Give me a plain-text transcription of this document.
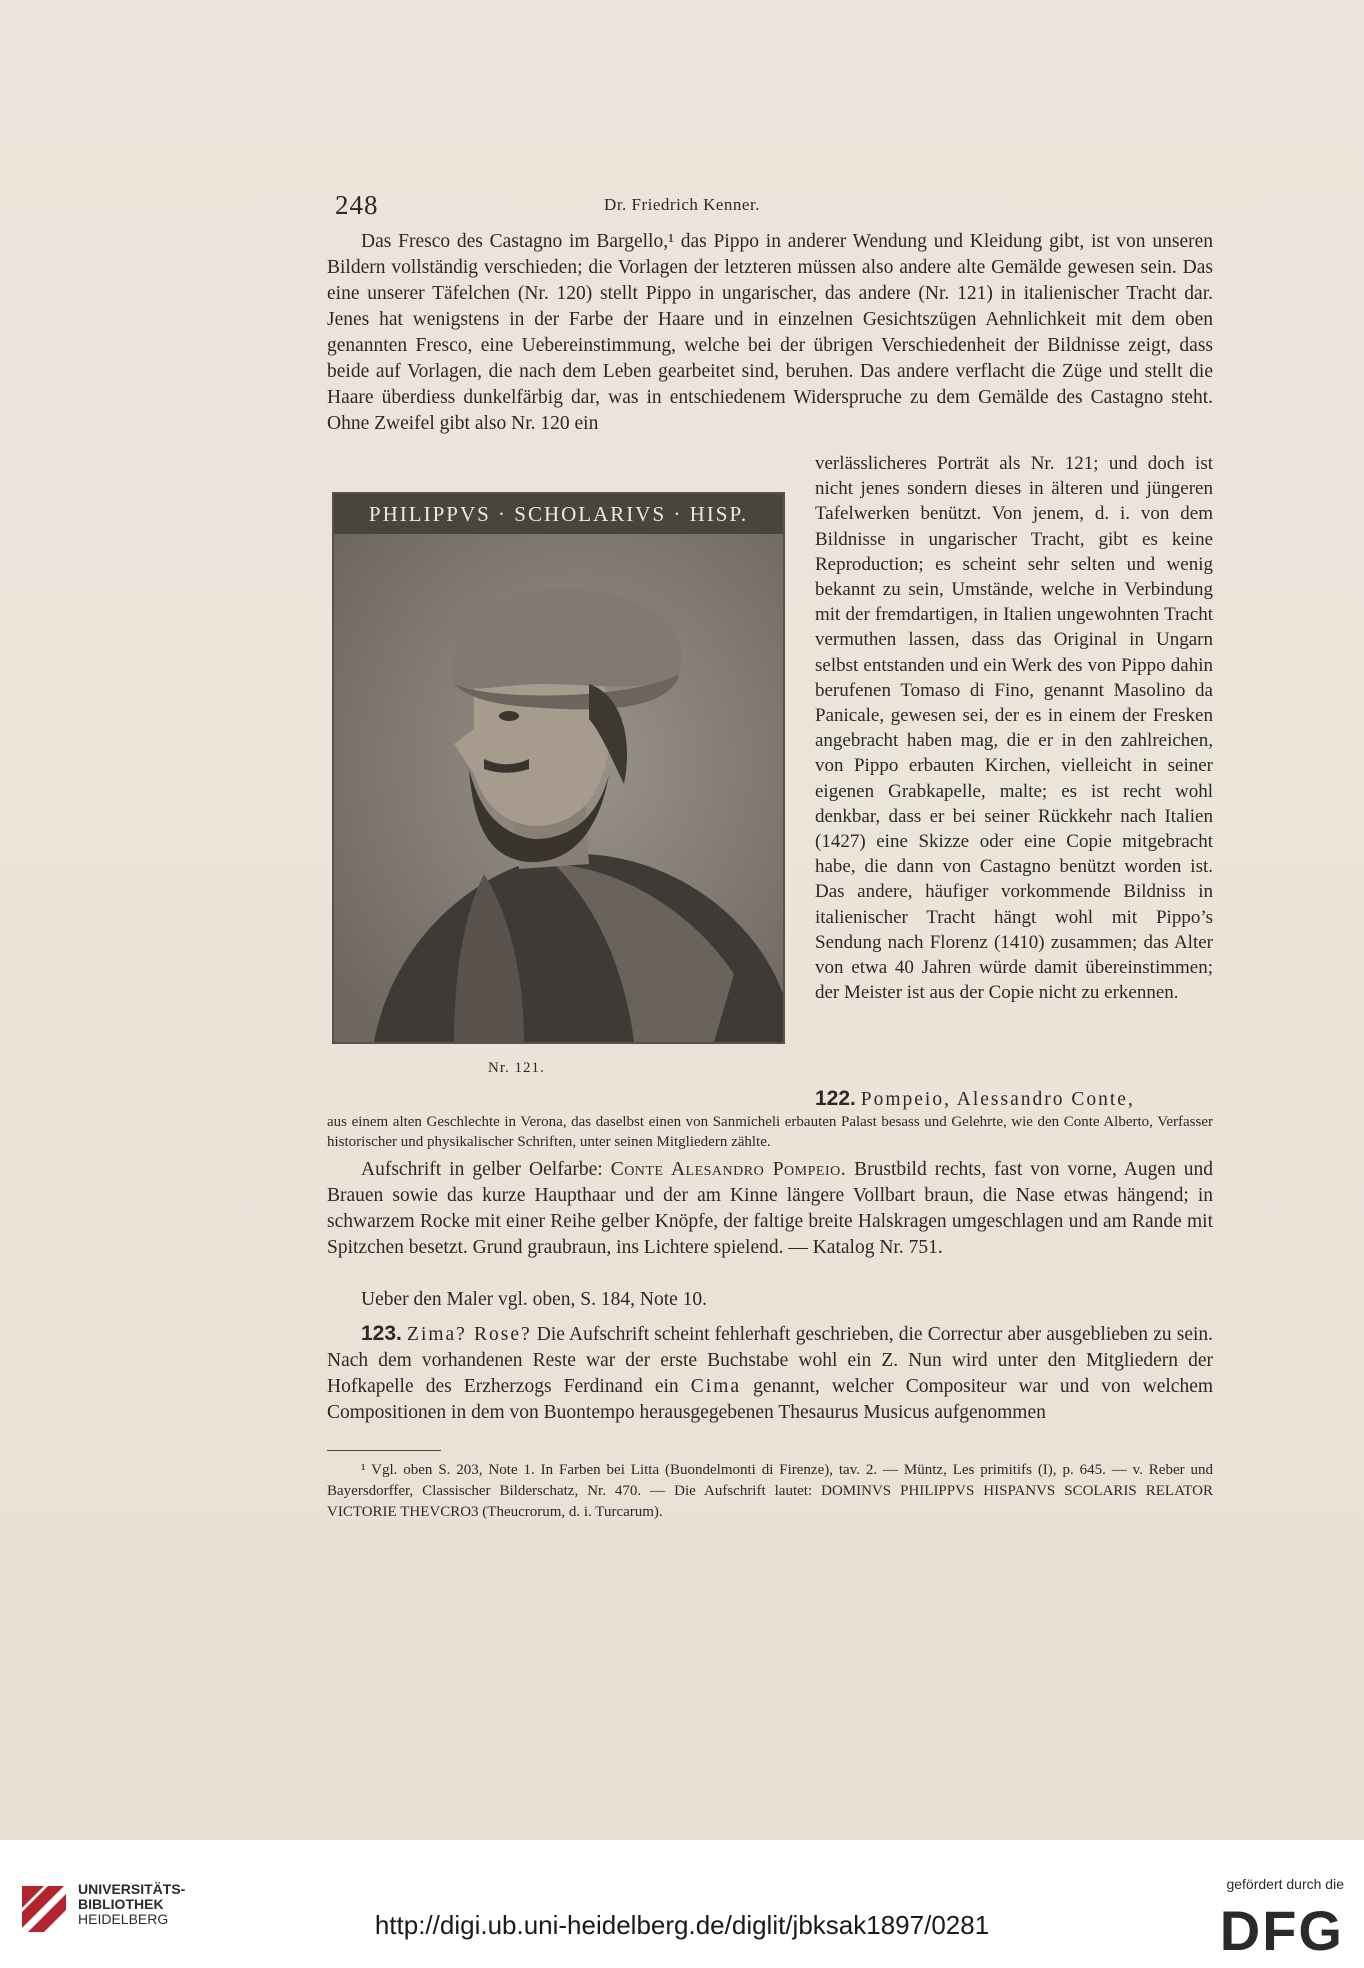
248	Dr. Friedrich Kenner.
Das Fresco des Castagno im Bargello,¹ das Pippo in anderer Wendung und Kleidung gibt, ist von unseren Bildern vollständig verschieden; die Vorlagen der letzteren müssen also andere alte Gemälde gewesen sein. Das eine unserer Täfelchen (Nr. 120) stellt Pippo in ungarischer, das andere (Nr. 121) in italienischer Tracht dar. Jenes hat wenigstens in der Farbe der Haare und in einzelnen Gesichtszügen Aehnlichkeit mit dem oben genannten Fresco, eine Uebereinstimmung, welche bei der übrigen Verschiedenheit der Bildnisse zeigt, dass beide auf Vorlagen, die nach dem Leben gearbeitet sind, beruhen. Das andere verflacht die Züge und stellt die Haare überdiess dunkelfärbig dar, was in entschiedenem Widerspruche zu dem Gemälde des Castagno steht. Ohne Zweifel gibt also Nr. 120 ein
verlässlicheres Porträt als Nr. 121; und doch ist nicht jenes sondern dieses in älteren und jüngeren Tafelwerken benützt. Von jenem, d. i. von dem Bildnisse in ungarischer Tracht, gibt es keine Reproduction; es scheint sehr selten und wenig bekannt zu sein, Umstände, welche in Verbindung mit der fremdartigen, in Italien ungewohnten Tracht vermuthen lassen, dass das Original in Ungarn selbst entstanden und ein Werk des von Pippo dahin berufenen Tomaso di Fino, genannt Masolino da Panicale, gewesen sei, der es in einem der Fresken angebracht haben mag, die er in den zahlreichen, von Pippo erbauten Kirchen, vielleicht in seiner eigenen Grabkapelle, malte; es ist recht wohl denkbar, dass er bei seiner Rückkehr nach Italien (1427) eine Skizze oder eine Copie mitgebracht habe, die dann von Castagno benützt worden ist. Das andere, häufiger vorkommende Bildniss in italienischer Tracht hängt wohl mit Pippo’s Sendung nach Florenz (1410) zusammen; das Alter von etwa 40 Jahren würde damit übereinstimmen; der Meister ist aus der Copie nicht zu erkennen.
PHILIPPVS · SCHOLARIVS · HISP.
Nr. 121.
122. Pompeio, Alessandro Conte,
aus einem alten Geschlechte in Verona, das daselbst einen von Sanmicheli erbauten Palast besass und Gelehrte, wie den Conte Alberto, Verfasser historischer und physikalischer Schriften, unter seinen Mitgliedern zählte.
Aufschrift in gelber Oelfarbe: Conte Alesandro Pompeio. Brustbild rechts, fast von vorne, Augen und Brauen sowie das kurze Haupthaar und der am Kinne längere Vollbart braun, die Nase etwas hängend; in schwarzem Rocke mit einer Reihe gelber Knöpfe, der faltige breite Halskragen umgeschlagen und am Rande mit Spitzchen besetzt. Grund graubraun, ins Lichtere spielend. — Katalog Nr. 751.
Ueber den Maler vgl. oben, S. 184, Note 10.
123. Zima? Rose? Die Aufschrift scheint fehlerhaft geschrieben, die Correctur aber ausgeblieben zu sein. Nach dem vorhandenen Reste war der erste Buchstabe wohl ein Z. Nun wird unter den Mitgliedern der Hofkapelle des Erzherzogs Ferdinand ein Cima genannt, welcher Compositeur war und von welchem Compositionen in dem von Buontempo herausgegebenen Thesaurus Musicus aufgenommen
¹ Vgl. oben S. 203, Note 1. In Farben bei Litta (Buondelmonti di Firenze), tav. 2. — Müntz, Les primitifs (I), p. 645. — v. Reber und Bayersdorffer, Classischer Bilderschatz, Nr. 470. — Die Aufschrift lautet: DOMINVS PHILIPPVS HISPANVS SCOLARIS RELATOR VICTORIE THEVCRO3 (Theucrorum, d. i. Turcarum).
UNIVERSITÄTS-
BIBLIOTHEK
HEIDELBERG	http://digi.ub.uni-heidelberg.de/diglit/jbksak1897/0281
gefördert durch die
DFG
